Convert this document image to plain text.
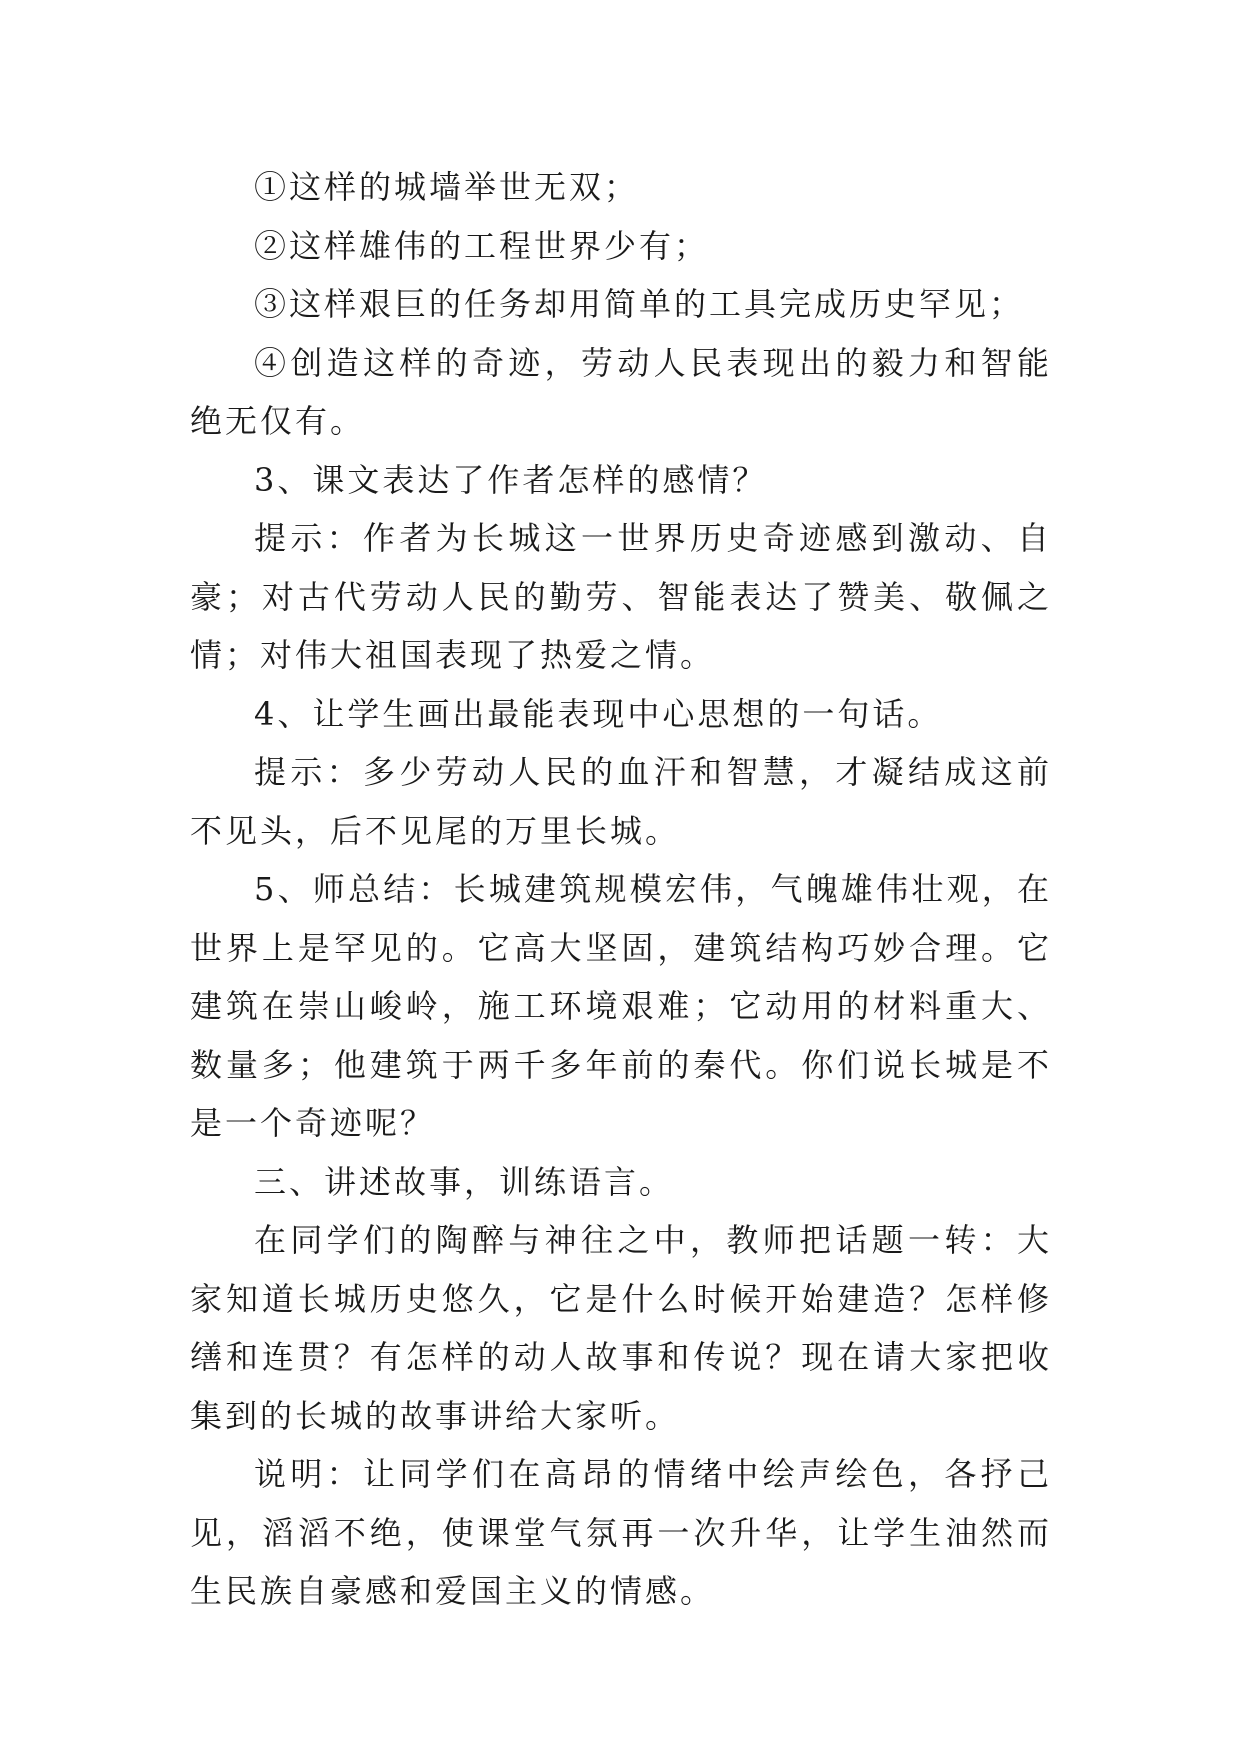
①这样的城墙举世无双；

②这样雄伟的工程世界少有；

③这样艰巨的任务却用简单的工具完成历史罕见；

④创造这样的奇迹，劳动人民表现出的毅力和智能绝无仅有。

3、课文表达了作者怎样的感情？

提示：作者为长城这一世界历史奇迹感到激动、自豪；对古代劳动人民的勤劳、智能表达了赞美、敬佩之情；对伟大祖国表现了热爱之情。

4、让学生画出最能表现中心思想的一句话。

提示：多少劳动人民的血汗和智慧，才凝结成这前不见头，后不见尾的万里长城。

5、师总结：长城建筑规模宏伟，气魄雄伟壮观，在世界上是罕见的。它高大坚固，建筑结构巧妙合理。它建筑在崇山峻岭，施工环境艰难；它动用的材料重大、数量多；他建筑于两千多年前的秦代。你们说长城是不是一个奇迹呢？

三、讲述故事，训练语言。

在同学们的陶醉与神往之中，教师把话题一转：大家知道长城历史悠久，它是什么时候开始建造？怎样修缮和连贯？有怎样的动人故事和传说？现在请大家把收集到的长城的故事讲给大家听。

说明：让同学们在高昂的情绪中绘声绘色，各抒己见，滔滔不绝，使课堂气氛再一次升华，让学生油然而生民族自豪感和爱国主义的情感。
